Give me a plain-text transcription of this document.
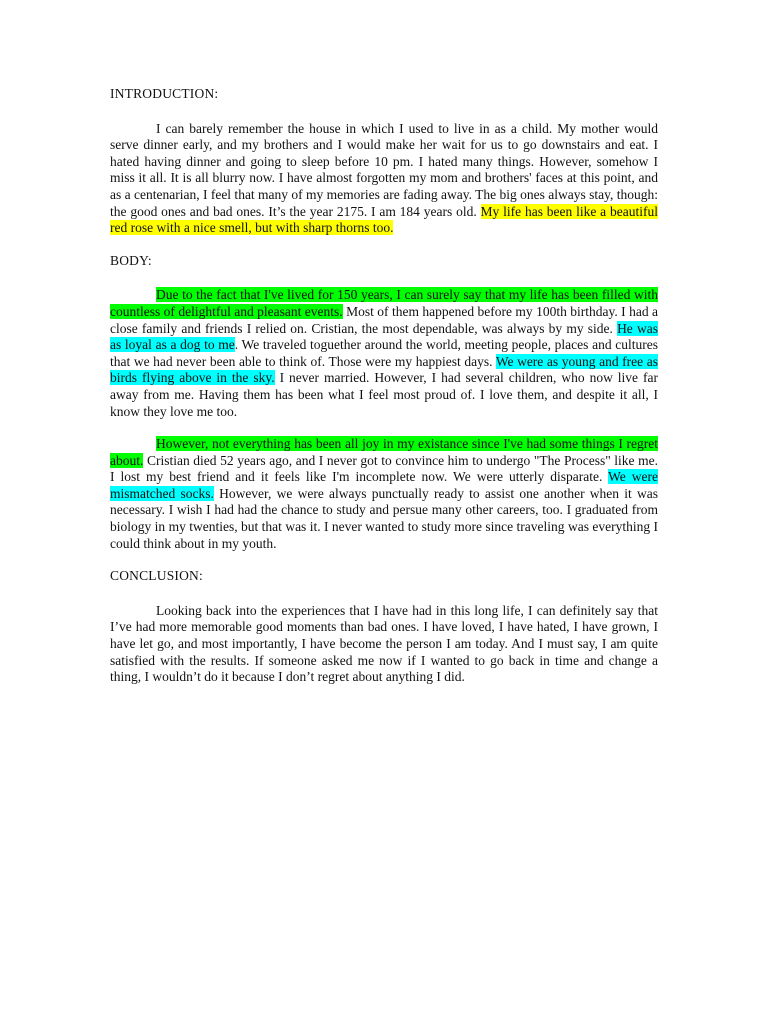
INTRODUCTION:

I can barely remember the house in which I used to live in as a child. My mother would serve dinner early, and my brothers and I would make her wait for us to go downstairs and eat. I hated having dinner and going to sleep before 10 pm. I hated many things. However, somehow I miss it all. It is all blurry now. I have almost forgotten my mom and brothers' faces at this point, and as a centenarian, I feel that many of my memories are fading away. The big ones always stay, though: the good ones and bad ones. It’s the year 2175. I am 184 years old. My life has been like a beautiful red rose with a nice smell, but with sharp thorns too.

BODY:

Due to the fact that I've lived for 150 years, I can surely say that my life has been filled with countless of delightful and pleasant events. Most of them happened before my 100th birthday. I had a close family and friends I relied on. Cristian, the most dependable, was always by my side. He was as loyal as a dog to me. We traveled toguether around the world, meeting people, places and cultures that we had never been able to think of. Those were my happiest days. We were as young and free as birds flying above in the sky. I never married. However, I had several children, who now live far away from me. Having them has been what I feel most proud of. I love them, and despite it all, I know they love me too.

However, not everything has been all joy in my existance since I've had some things I regret about. Cristian died 52 years ago, and I never got to convince him to undergo "The Process" like me. I lost my best friend and it feels like I'm incomplete now. We were utterly disparate. We were mismatched socks. However, we were always punctually ready to assist one another when it was necessary. I wish I had had the chance to study and persue many other careers, too. I graduated from biology in my twenties, but that was it. I never wanted to study more since traveling was everything I could think about in my youth.

CONCLUSION:

Looking back into the experiences that I have had in this long life, I can definitely say that I’ve had more memorable good moments than bad ones. I have loved, I have hated, I have grown, I have let go, and most importantly, I have become the person I am today. And I must say, I am quite satisfied with the results. If someone asked me now if I wanted to go back in time and change a thing, I wouldn’t do it because I don’t regret about anything I did.
